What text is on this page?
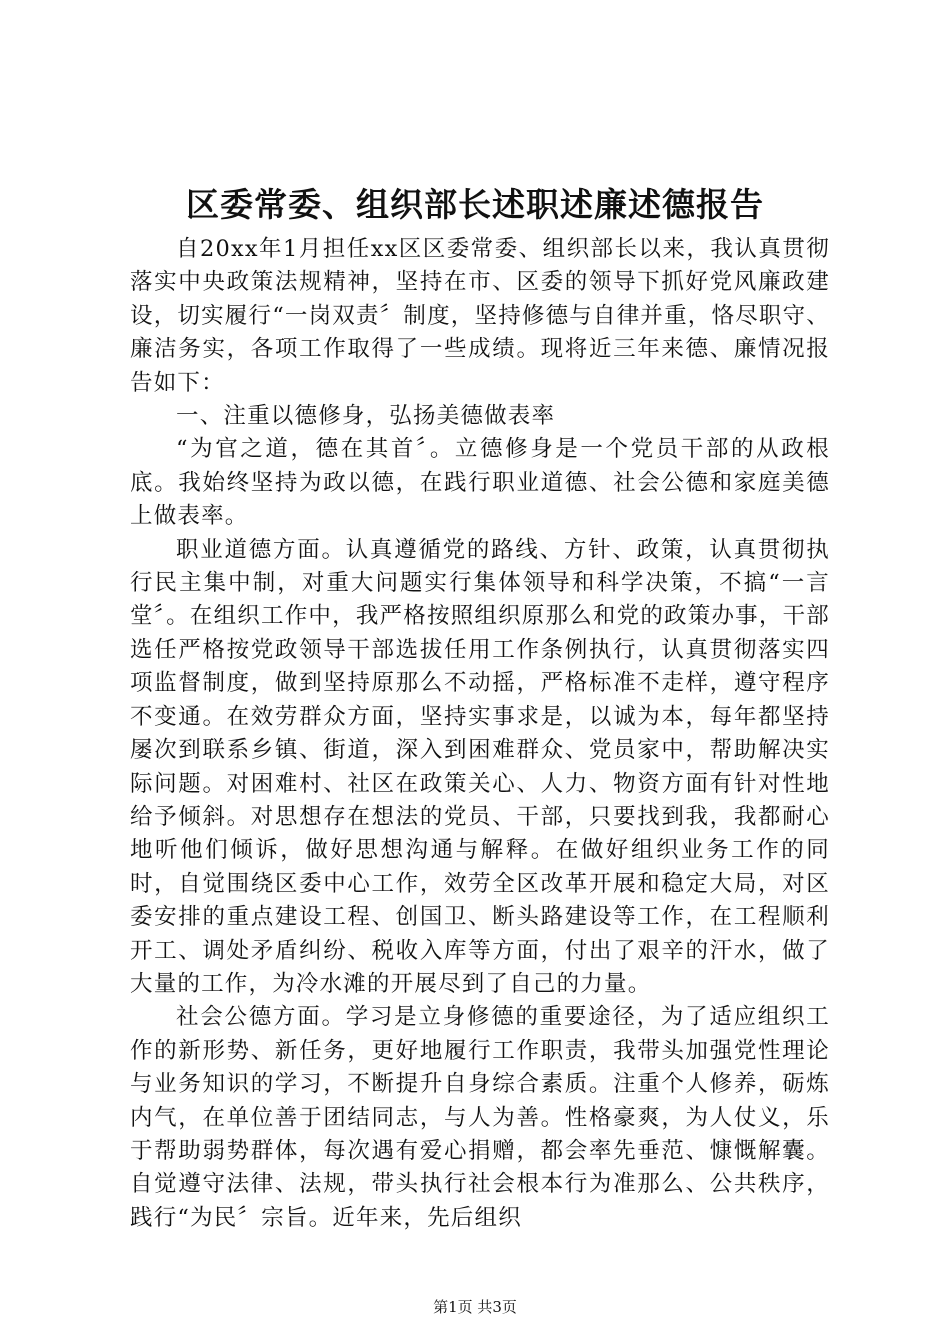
区委常委、组织部长述职述廉述德报告

自20xx年1月担任xx区区委常委、组织部长以来，我认真贯彻落实中央政策法规精神，坚持在市、区委的领导下抓好党风廉政建设，切实履行“一岗双责〞制度，坚持修德与自律并重，恪尽职守、廉洁务实，各项工作取得了一些成绩。现将近三年来德、廉情况报告如下：

一、注重以德修身，弘扬美德做表率

“为官之道，德在其首〞。立德修身是一个党员干部的从政根底。我始终坚持为政以德，在践行职业道德、社会公德和家庭美德上做表率。

职业道德方面。认真遵循党的路线、方针、政策，认真贯彻执行民主集中制，对重大问题实行集体领导和科学决策，不搞“一言堂〞。在组织工作中，我严格按照组织原那么和党的政策办事，干部选任严格按党政领导干部选拔任用工作条例执行，认真贯彻落实四项监督制度，做到坚持原那么不动摇，严格标准不走样，遵守程序不变通。在效劳群众方面，坚持实事求是，以诚为本，每年都坚持屡次到联系乡镇、街道，深入到困难群众、党员家中，帮助解决实际问题。对困难村、社区在政策关心、人力、物资方面有针对性地给予倾斜。对思想存在想法的党员、干部，只要找到我，我都耐心地听他们倾诉，做好思想沟通与解释。在做好组织业务工作的同时，自觉围绕区委中心工作，效劳全区改革开展和稳定大局，对区委安排的重点建设工程、创国卫、断头路建设等工作，在工程顺利开工、调处矛盾纠纷、税收入库等方面，付出了艰辛的汗水，做了大量的工作，为冷水滩的开展尽到了自己的力量。

社会公德方面。学习是立身修德的重要途径，为了适应组织工作的新形势、新任务，更好地履行工作职责，我带头加强党性理论与业务知识的学习，不断提升自身综合素质。注重个人修养，砺炼内气，在单位善于团结同志，与人为善。性格豪爽，为人仗义，乐于帮助弱势群体，每次遇有爱心捐赠，都会率先垂范、慷慨解囊。自觉遵守法律、法规，带头执行社会根本行为准那么、公共秩序，践行“为民〞宗旨。近年来，先后组织

第1页 共3页
